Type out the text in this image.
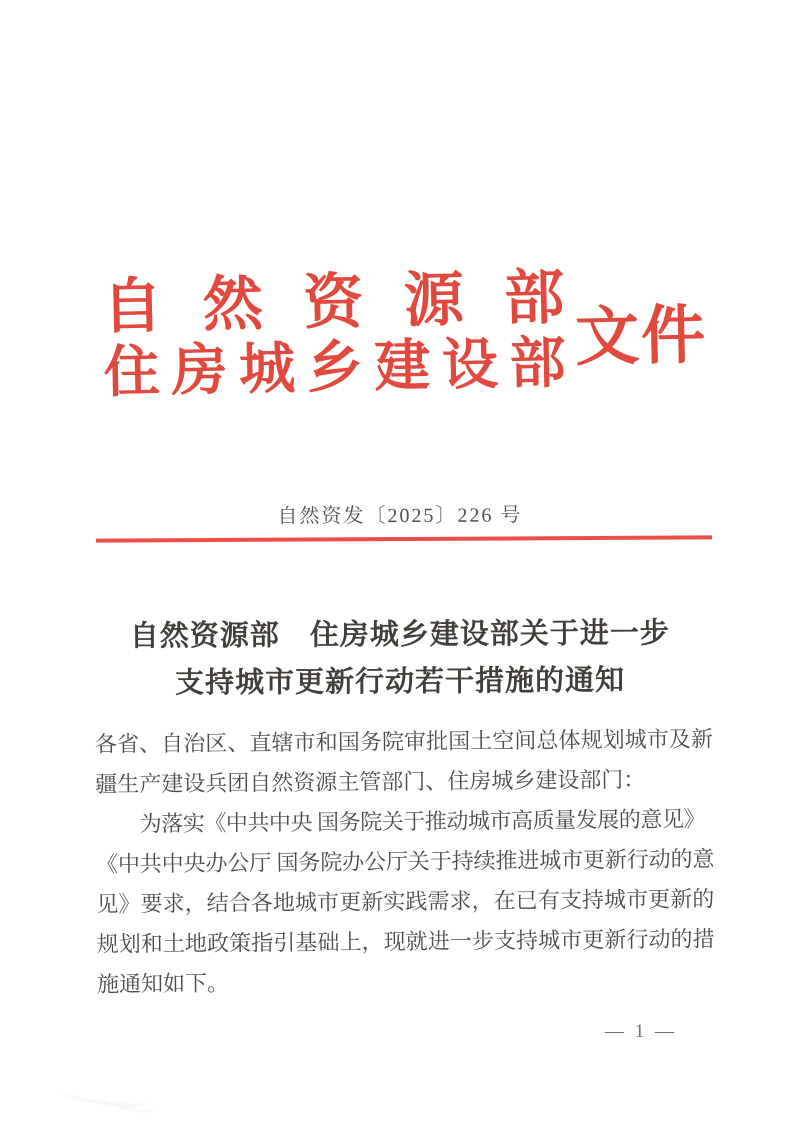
自 然 资 源 部
住 房 城 乡 建 设 部 文件
自然资发〔2025〕226 号
自然资源部　住房城乡建设部关于进一步
支持城市更新行动若干措施的通知
各省、自治区、直辖市和国务院审批国土空间总体规划城市及新
疆生产建设兵团自然资源主管部门、住房城乡建设部门：
为落实《中共中央 国务院关于推动城市高质量发展的意见》
《中共中央办公厅 国务院办公厅关于持续推进城市更新行动的意
见》要求，结合各地城市更新实践需求，在已有支持城市更新的
规划和土地政策指引基础上，现就进一步支持城市更新行动的措
施通知如下。
— 1 —
